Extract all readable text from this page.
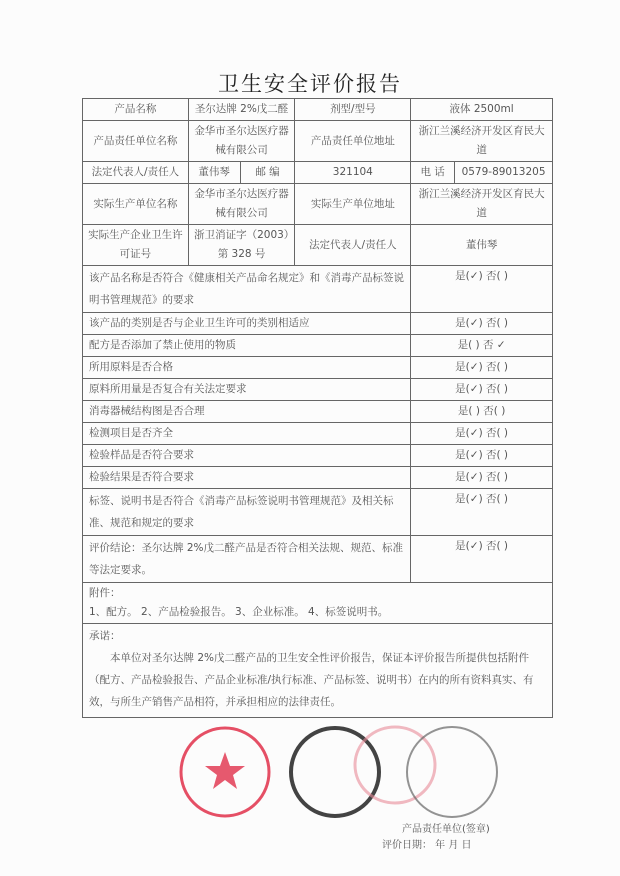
卫生安全评价报告
产品名称	圣尔达牌 2%戊二醛		剂型/型号	液体 2500ml	
产品责任单位名称	金华市圣尔达医疗器械有限公司		产品责任单位地址	浙江兰溪经济开发区育民大道	
法定代表人/责任人	董伟琴	邮 编	321104	电 话	0579-89013205
实际生产单位名称	金华市圣尔达医疗器械有限公司		实际生产单位地址	浙江兰溪经济开发区育民大道	
实际生产企业卫生许可证号	浙卫消证字（2003）第 328 号		法定代表人/责任人	董伟琴	
该产品名称是否符合《健康相关产品命名规定》和《消毒产品标签说明书管理规范》的要求				是(✓) 否( )	
该产品的类别是否与企业卫生许可的类别相适应				是(✓) 否( )	
配方是否添加了禁止使用的物质				是( ) 否 ✓	
所用原料是否合格				是(✓) 否( )	
原料所用量是否复合有关法定要求				是(✓) 否( )	
消毒器械结构图是否合理				是( ) 否( )	
检测项目是否齐全				是(✓) 否( )	
检验样品是否符合要求				是(✓) 否( )	
检验结果是否符合要求				是(✓) 否( )	
标签、说明书是否符合《消毒产品标签说明书管理规范》及相关标准、规范和规定的要求				是(✓) 否( )	
评价结论：圣尔达牌 2%戊二醛产品是否符合相关法规、规范、标准等法定要求。				是(✓) 否( )	

附件：
1、配方。 2、产品检验报告。 3、企业标准。 4、标签说明书。					

承诺：
本单位对圣尔达牌 2%戊二醛产品的卫生安全性评价报告，保证本评价报告所提供包括附件（配方、产品检验报告、产品企业标准/执行标准、产品标签、说明书）在内的所有资料真实、有效，与所生产销售产品相符，并承担相应的法律责任。					
产品责任单位(签章)
评价日期： 年 月 日
